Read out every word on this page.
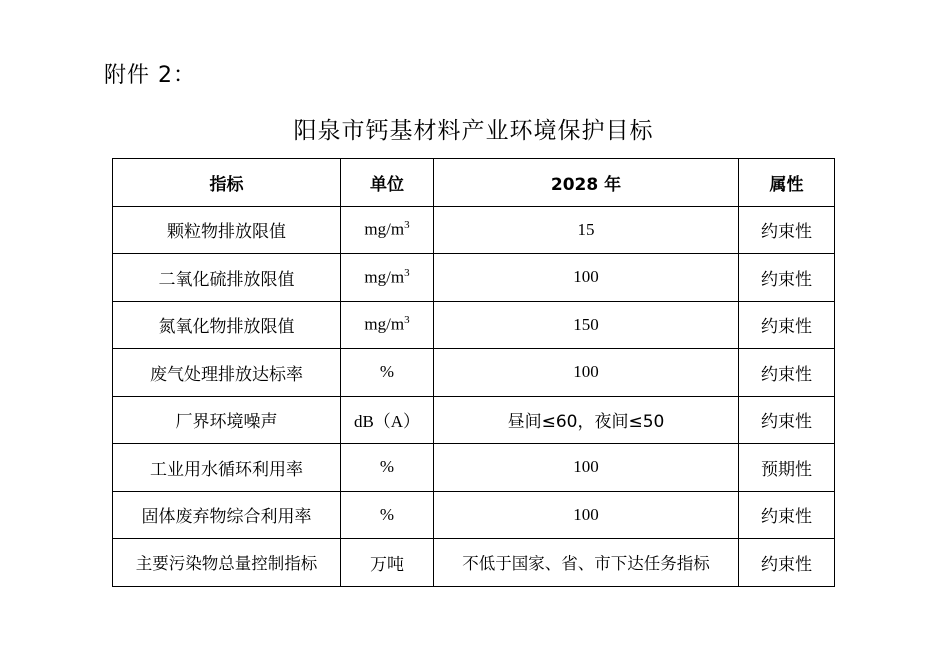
附件 2：
阳泉市钙基材料产业环境保护目标
指标	单位	2028 年	属性
颗粒物排放限值	$mg/m^3$	15	约束性
二氧化硫排放限值	$mg/m^3$	100	约束性
氮氧化物排放限值	$mg/m^3$	150	约束性
废气处理排放达标率	%	100	约束性
厂界环境噪声	dB（A）	昼间≤60，夜间≤50	约束性
工业用水循环利用率	%	100	预期性
固体废弃物综合利用率	%	100	约束性
主要污染物总量控制指标	万吨	不低于国家、省、市下达任务指标	约束性
